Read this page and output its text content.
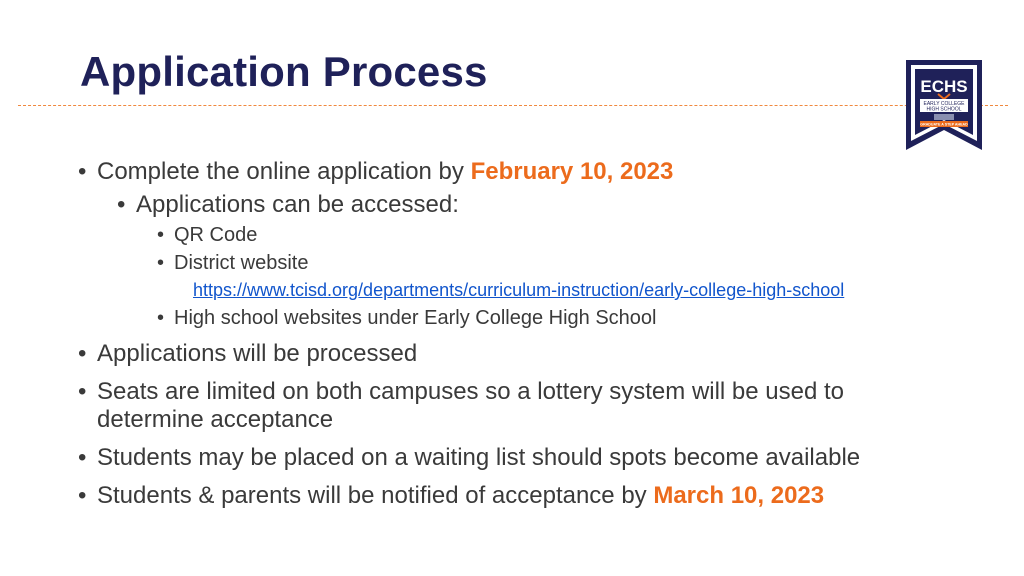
Application Process	ECHS
EARLY COLLEGE
HIGH SCHOOL
GRADUATE A STEP AHEAD
• Complete the online application by February 10, 2023
• Applications can be accessed:
• QR Code
• District website
https://www.tcisd.org/departments/curriculum-instruction/early-college-high-school
• High school websites under Early College High School
• Applications will be processed
• Seats are limited on both campuses so a lottery system will be used to
determine acceptance
• Students may be placed on a waiting list should spots become available
• Students & parents will be notified of acceptance by March 10, 2023
